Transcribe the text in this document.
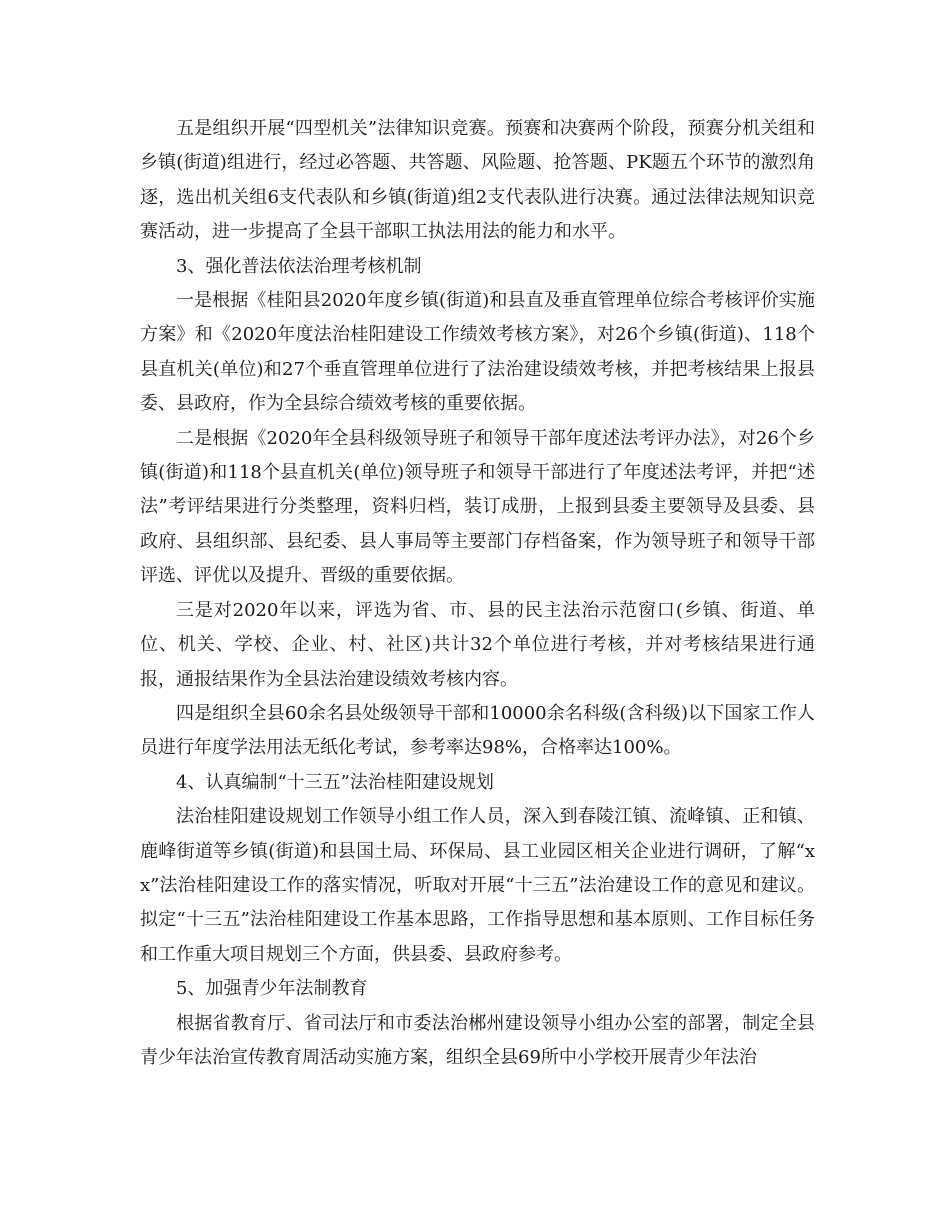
五是组织开展“四型机关”法律知识竞赛。预赛和决赛两个阶段，预赛分机关组和乡镇(街道)组进行，经过必答题、共答题、风险题、抢答题、PK题五个环节的激烈角逐，选出机关组6支代表队和乡镇(街道)组2支代表队进行决赛。通过法律法规知识竞赛活动，进一步提高了全县干部职工执法用法的能力和水平。

3、强化普法依法治理考核机制

一是根据《桂阳县2020年度乡镇(街道)和县直及垂直管理单位综合考核评价实施方案》和《2020年度法治桂阳建设工作绩效考核方案》，对26个乡镇(街道)、118个县直机关(单位)和27个垂直管理单位进行了法治建设绩效考核，并把考核结果上报县委、县政府，作为全县综合绩效考核的重要依据。

二是根据《2020年全县科级领导班子和领导干部年度述法考评办法》，对26个乡镇(街道)和118个县直机关(单位)领导班子和领导干部进行了年度述法考评，并把“述法”考评结果进行分类整理，资料归档，装订成册，上报到县委主要领导及县委、县政府、县组织部、县纪委、县人事局等主要部门存档备案，作为领导班子和领导干部评选、评优以及提升、晋级的重要依据。

三是对2020年以来，评选为省、市、县的民主法治示范窗口(乡镇、街道、单位、机关、学校、企业、村、社区)共计32个单位进行考核，并对考核结果进行通报，通报结果作为全县法治建设绩效考核内容。

四是组织全县60余名县处级领导干部和10000余名科级(含科级)以下国家工作人员进行年度学法用法无纸化考试，参考率达98%，合格率达100%。

4、认真编制“十三五”法治桂阳建设规划

法治桂阳建设规划工作领导小组工作人员，深入到春陵江镇、流峰镇、正和镇、鹿峰街道等乡镇(街道)和县国土局、环保局、县工业园区相关企业进行调研，了解“xx”法治桂阳建设工作的落实情况，听取对开展“十三五”法治建设工作的意见和建议。拟定“十三五”法治桂阳建设工作基本思路，工作指导思想和基本原则、工作目标任务和工作重大项目规划三个方面，供县委、县政府参考。

5、加强青少年法制教育

根据省教育厅、省司法厅和市委法治郴州建设领导小组办公室的部署，制定全县青少年法治宣传教育周活动实施方案，组织全县69所中小学校开展青少年法治
